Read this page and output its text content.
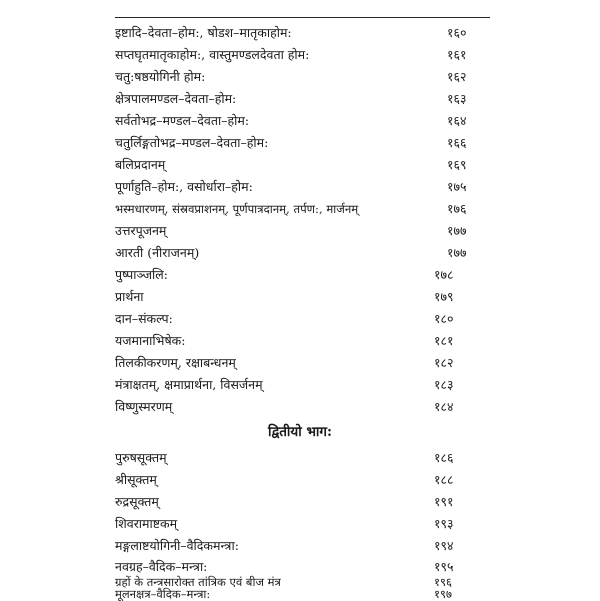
इष्टादि–देवता–होम:, षोडश–मातृकाहोम:	१६०
सप्तघृतमातृकाहोम:, वास्तुमण्डलदेवता होम:	१६१
चतु:षष्ठयोगिनी होम:	१६२
क्षेत्रपालमण्डल–देवता–होम:	१६३
सर्वतोभद्र–मण्डल–देवता–होम:	१६४
चतुर्लिङ्गतोभद्र–मण्डल–देवता–होम:	१६६
बलिप्रदानम्	१६९
पूर्णाहुति–होम:, वसोर्धारा–होम:	१७५
भस्मधारणम्, संस्रवप्राशनम्, पूर्णपात्रदानम्, तर्पण:, मार्जनम्	१७६
उत्तरपूजनम्	१७७
आरती (नीराजनम्)	१७७
पुष्पाञ्जलि:	१७८
प्रार्थना	१७९
दान–संकल्प:	१८०
यजमानाभिषेक:	१८१
तिलकीकरणम्, रक्षाबन्धनम्	१८२
मंत्राक्षतम्, क्षमाप्रार्थना, विसर्जनम्	१८३
विष्णुस्मरणम्	१८४
द्वितीयो भाग:
पुरुषसूक्तम्	१८६
श्रीसूक्तम्	१८८
रुद्रसूक्तम्	१९१
शिवरामाष्टकम्	१९३
मङ्गलाष्टयोगिनी–वैदिकमन्त्रा:	१९४
नवग्रह–वैदिक–मन्त्रा:	१९५
ग्रहों के तन्त्रसारोक्त तांत्रिक एवं बीज मंत्र	१९६
मूलनक्षत्र–वैदिक–मन्त्रा:	१९७
